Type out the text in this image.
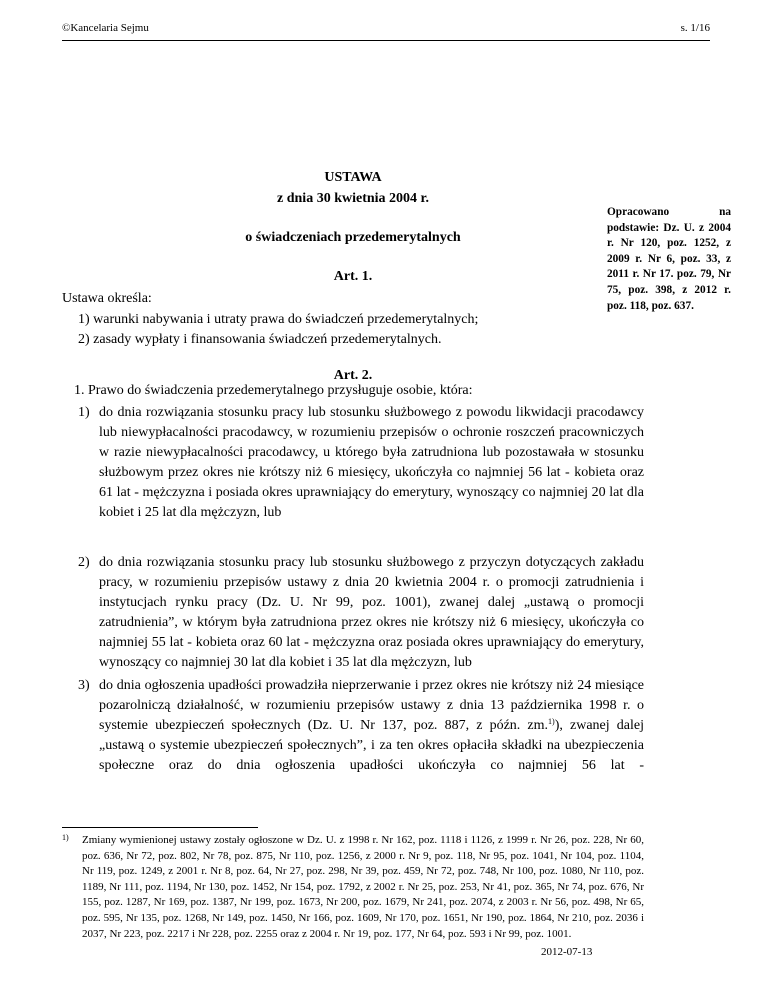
©Kancelaria Sejmu	s. 1/16
USTAWA
z dnia 30 kwietnia 2004 r.
o świadczeniach przedemerytalnych
Opracowano na podstawie: Dz. U. z 2004 r. Nr 120, poz. 1252, z 2009 r. Nr 6, poz. 33, z 2011 r. Nr 17. poz. 79, Nr 75, poz. 398, z 2012 r. poz. 118, poz. 637.
Art. 1.
Ustawa określa:
1) warunki nabywania i utraty prawa do świadczeń przedemerytalnych;
2) zasady wypłaty i finansowania świadczeń przedemerytalnych.
Art. 2.
1. Prawo do świadczenia przedemerytalnego przysługuje osobie, która:
1) do dnia rozwiązania stosunku pracy lub stosunku służbowego z powodu likwidacji pracodawcy lub niewypłacalności pracodawcy, w rozumieniu przepisów o ochronie roszczeń pracowniczych w razie niewypłacalności pracodawcy, u którego była zatrudniona lub pozostawała w stosunku służbowym przez okres nie krótszy niż 6 miesięcy, ukończyła co najmniej 56 lat - kobieta oraz 61 lat - mężczyzna i posiada okres uprawniający do emerytury, wynoszący co najmniej 20 lat dla kobiet i 25 lat dla mężczyzn, lub
2) do dnia rozwiązania stosunku pracy lub stosunku służbowego z przyczyn dotyczących zakładu pracy, w rozumieniu przepisów ustawy z dnia 20 kwietnia 2004 r. o promocji zatrudnienia i instytucjach rynku pracy (Dz. U. Nr 99, poz. 1001), zwanej dalej „ustawą o promocji zatrudnienia”, w którym była zatrudniona przez okres nie krótszy niż 6 miesięcy, ukończyła co najmniej 55 lat - kobieta oraz 60 lat - mężczyzna oraz posiada okres uprawniający do emerytury, wynoszący co najmniej 30 lat dla kobiet i 35 lat dla mężczyzn, lub
3) do dnia ogłoszenia upadłości prowadziła nieprzerwanie i przez okres nie krótszy niż 24 miesiące pozarolniczą działalność, w rozumieniu przepisów ustawy z dnia 13 października 1998 r. o systemie ubezpieczeń społecznych (Dz. U. Nr 137, poz. 887, z późn. zm.$^{1)}$), zwanej dalej „ustawą o systemie ubezpieczeń społecznych”, i za ten okres opłaciła składki na ubezpieczenia społeczne oraz do dnia ogłoszenia upadłości ukończyła co najmniej 56 lat -
1) Zmiany wymienionej ustawy zostały ogłoszone w Dz. U. z 1998 r. Nr 162, poz. 1118 i 1126, z 1999 r. Nr 26, poz. 228, Nr 60, poz. 636, Nr 72, poz. 802, Nr 78, poz. 875, Nr 110, poz. 1256, z 2000 r. Nr 9, poz. 118, Nr 95, poz. 1041, Nr 104, poz. 1104, Nr 119, poz. 1249, z 2001 r. Nr 8, poz. 64, Nr 27, poz. 298, Nr 39, poz. 459, Nr 72, poz. 748, Nr 100, poz. 1080, Nr 110, poz. 1189, Nr 111, poz. 1194, Nr 130, poz. 1452, Nr 154, poz. 1792, z 2002 r. Nr 25, poz. 253, Nr 41, poz. 365, Nr 74, poz. 676, Nr 155, poz. 1287, Nr 169, poz. 1387, Nr 199, poz. 1673, Nr 200, poz. 1679, Nr 241, poz. 2074, z 2003 r. Nr 56, poz. 498, Nr 65, poz. 595, Nr 135, poz. 1268, Nr 149, poz. 1450, Nr 166, poz. 1609, Nr 170, poz. 1651, Nr 190, poz. 1864, Nr 210, poz. 2036 i 2037, Nr 223, poz. 2217 i Nr 228, poz. 2255 oraz z 2004 r. Nr 19, poz. 177, Nr 64, poz. 593 i Nr 99, poz. 1001.
2012-07-13
